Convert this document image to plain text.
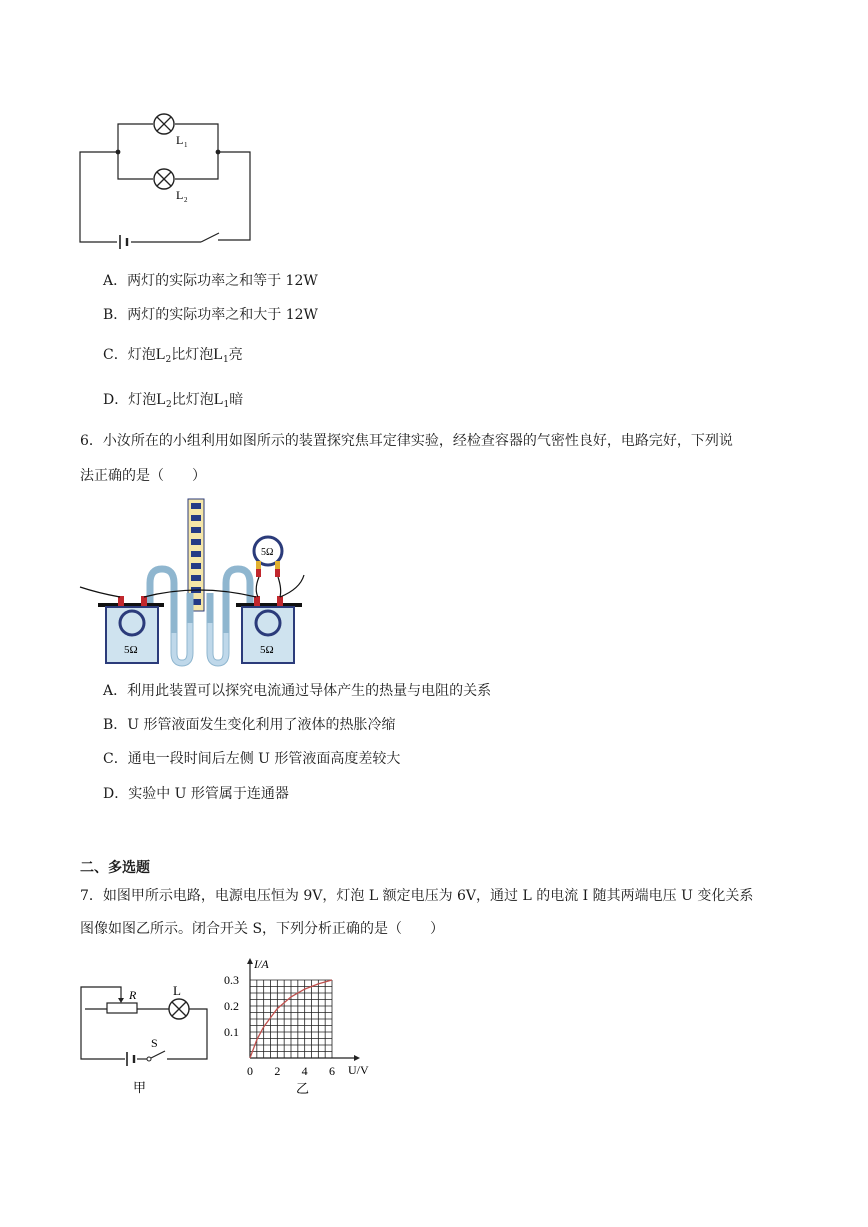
L 1
L 2
A．两灯的实际功率之和等于 12W
B．两灯的实际功率之和大于 12W
C．灯泡$L_2$比灯泡$L_1$亮
D．灯泡$L_2$比灯泡$L_1$暗
6．小汝所在的小组利用如图所示的装置探究焦耳定律实验，经检查容器的气密性良好，电路完好，下列说
法正确的是（　　）
5Ω	5Ω
5Ω
A．利用此装置可以探究电流通过导体产生的热量与电阻的关系
B．U 形管液面发生变化利用了液体的热胀冷缩
C．通电一段时间后左侧 U 形管液面高度差较大
D．实验中 U 形管属于连通器
二、多选题
7．如图甲所示电路，电源电压恒为 9V，灯泡 L 额定电压为 6V，通过 L 的电流 I 随其两端电压 U 变化关系
图像如图乙所示。闭合开关 S，下列分析正确的是（　　）
R	L
S
甲
0 2 4 6
0.1
0.2
0.3
I/A
U/V
乙
